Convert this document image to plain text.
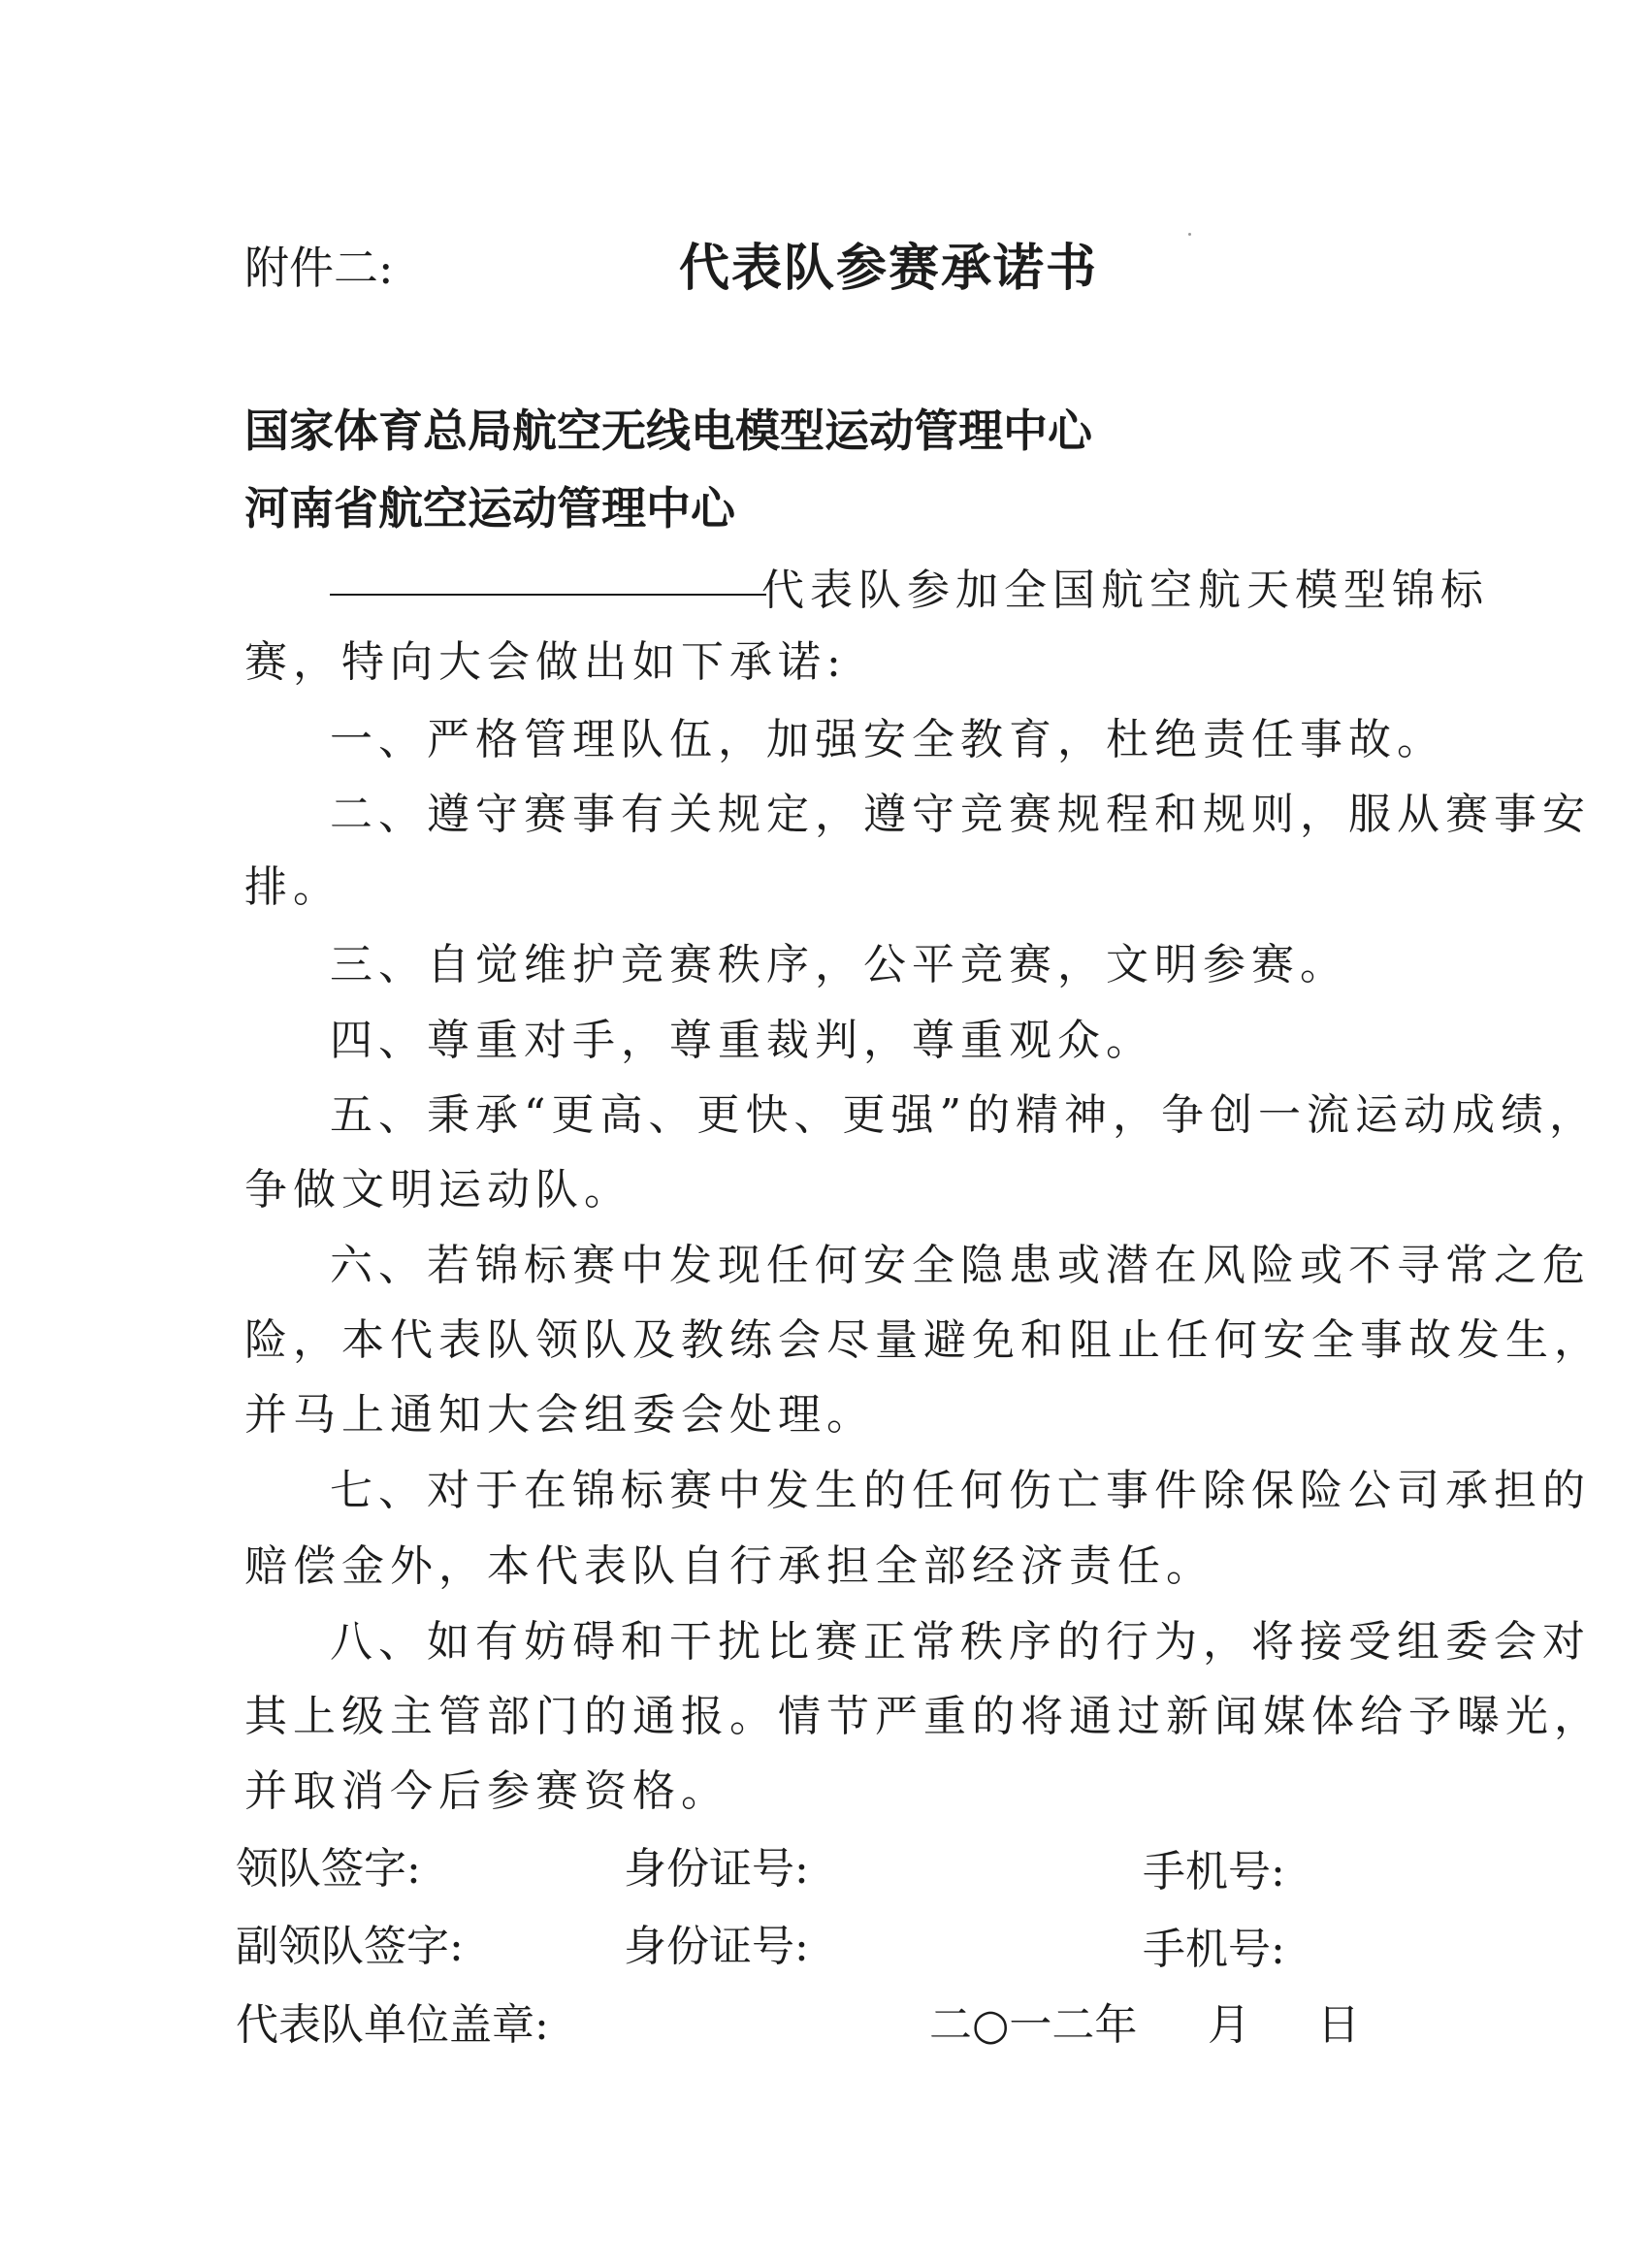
附件二:	代表队参赛承诺书
国家体育总局航空无线电模型运动管理中心
河南省航空运动管理中心
代表队参加全国航空航天模型锦标
赛，特向大会做出如下承诺:
一、严格管理队伍，加强安全教育，杜绝责任事故。
二、遵守赛事有关规定，遵守竞赛规程和规则，服从赛事安
排。
三、自觉维护竞赛秩序，公平竞赛，文明参赛。
四、尊重对手，尊重裁判，尊重观众。
五、秉承“更高、更快、更强”的精神，争创一流运动成绩，
争做文明运动队。
六、若锦标赛中发现任何安全隐患或潜在风险或不寻常之危
险，本代表队领队及教练会尽量避免和阻止任何安全事故发生，
并马上通知大会组委会处理。
七、对于在锦标赛中发生的任何伤亡事件除保险公司承担的
赔偿金外，本代表队自行承担全部经济责任。
八、如有妨碍和干扰比赛正常秩序的行为，将接受组委会对
其上级主管部门的通报。情节严重的将通过新闻媒体给予曝光，
并取消今后参赛资格。
领队签字:	身份证号:	手机号:
副领队签字:	身份证号:	手机号:
代表队单位盖章:	二○一二年 月 日
